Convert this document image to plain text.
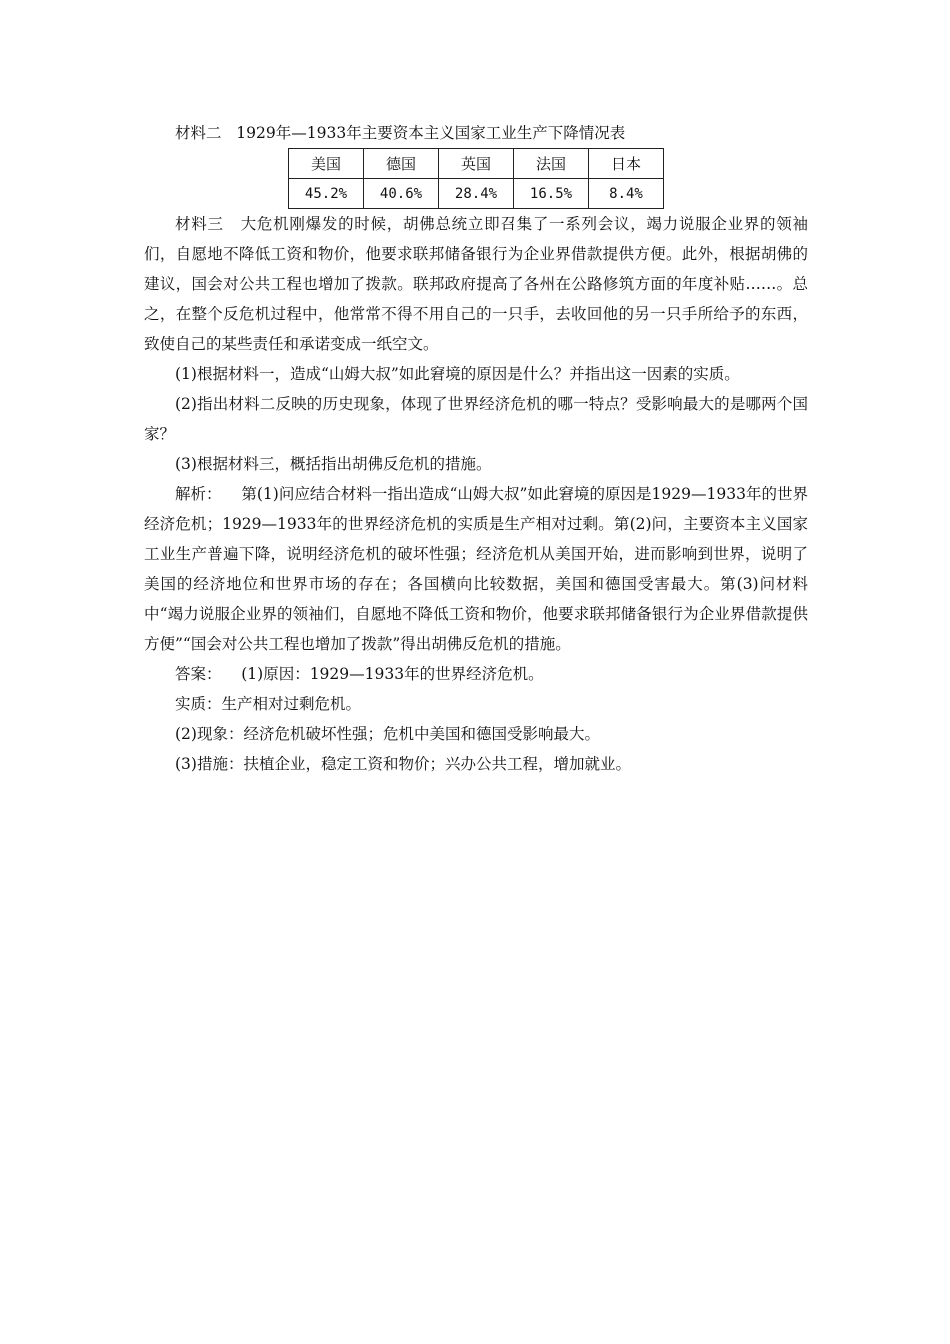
材料二 1929年—1933年主要资本主义国家工业生产下降情况表

美国	德国	英国	法国	日本
45.2%	40.6%	28.4%	16.5%	8.4%

材料三 大危机刚爆发的时候，胡佛总统立即召集了一系列会议，竭力说服企业界的领袖们，自愿地不降低工资和物价，他要求联邦储备银行为企业界借款提供方便。此外，根据胡佛的建议，国会对公共工程也增加了拨款。联邦政府提高了各州在公路修筑方面的年度补贴……。总之，在整个反危机过程中，他常常不得不用自己的一只手，去收回他的另一只手所给予的东西，致使自己的某些责任和承诺变成一纸空文。

(1)根据材料一，造成“山姆大叔”如此窘境的原因是什么？并指出这一因素的实质。

(2)指出材料二反映的历史现象，体现了世界经济危机的哪一特点？受影响最大的是哪两个国家？

(3)根据材料三，概括指出胡佛反危机的措施。

解析： 第(1)问应结合材料一指出造成“山姆大叔”如此窘境的原因是1929—1933年的世界经济危机；1929—1933年的世界经济危机的实质是生产相对过剩。第(2)问，主要资本主义国家工业生产普遍下降，说明经济危机的破坏性强；经济危机从美国开始，进而影响到世界，说明了美国的经济地位和世界市场的存在；各国横向比较数据，美国和德国受害最大。第(3)问材料中“竭力说服企业界的领袖们，自愿地不降低工资和物价，他要求联邦储备银行为企业界借款提供方便”“国会对公共工程也增加了拨款”得出胡佛反危机的措施。

答案： (1)原因：1929—1933年的世界经济危机。

实质：生产相对过剩危机。

(2)现象：经济危机破坏性强；危机中美国和德国受影响最大。

(3)措施：扶植企业，稳定工资和物价；兴办公共工程，增加就业。
